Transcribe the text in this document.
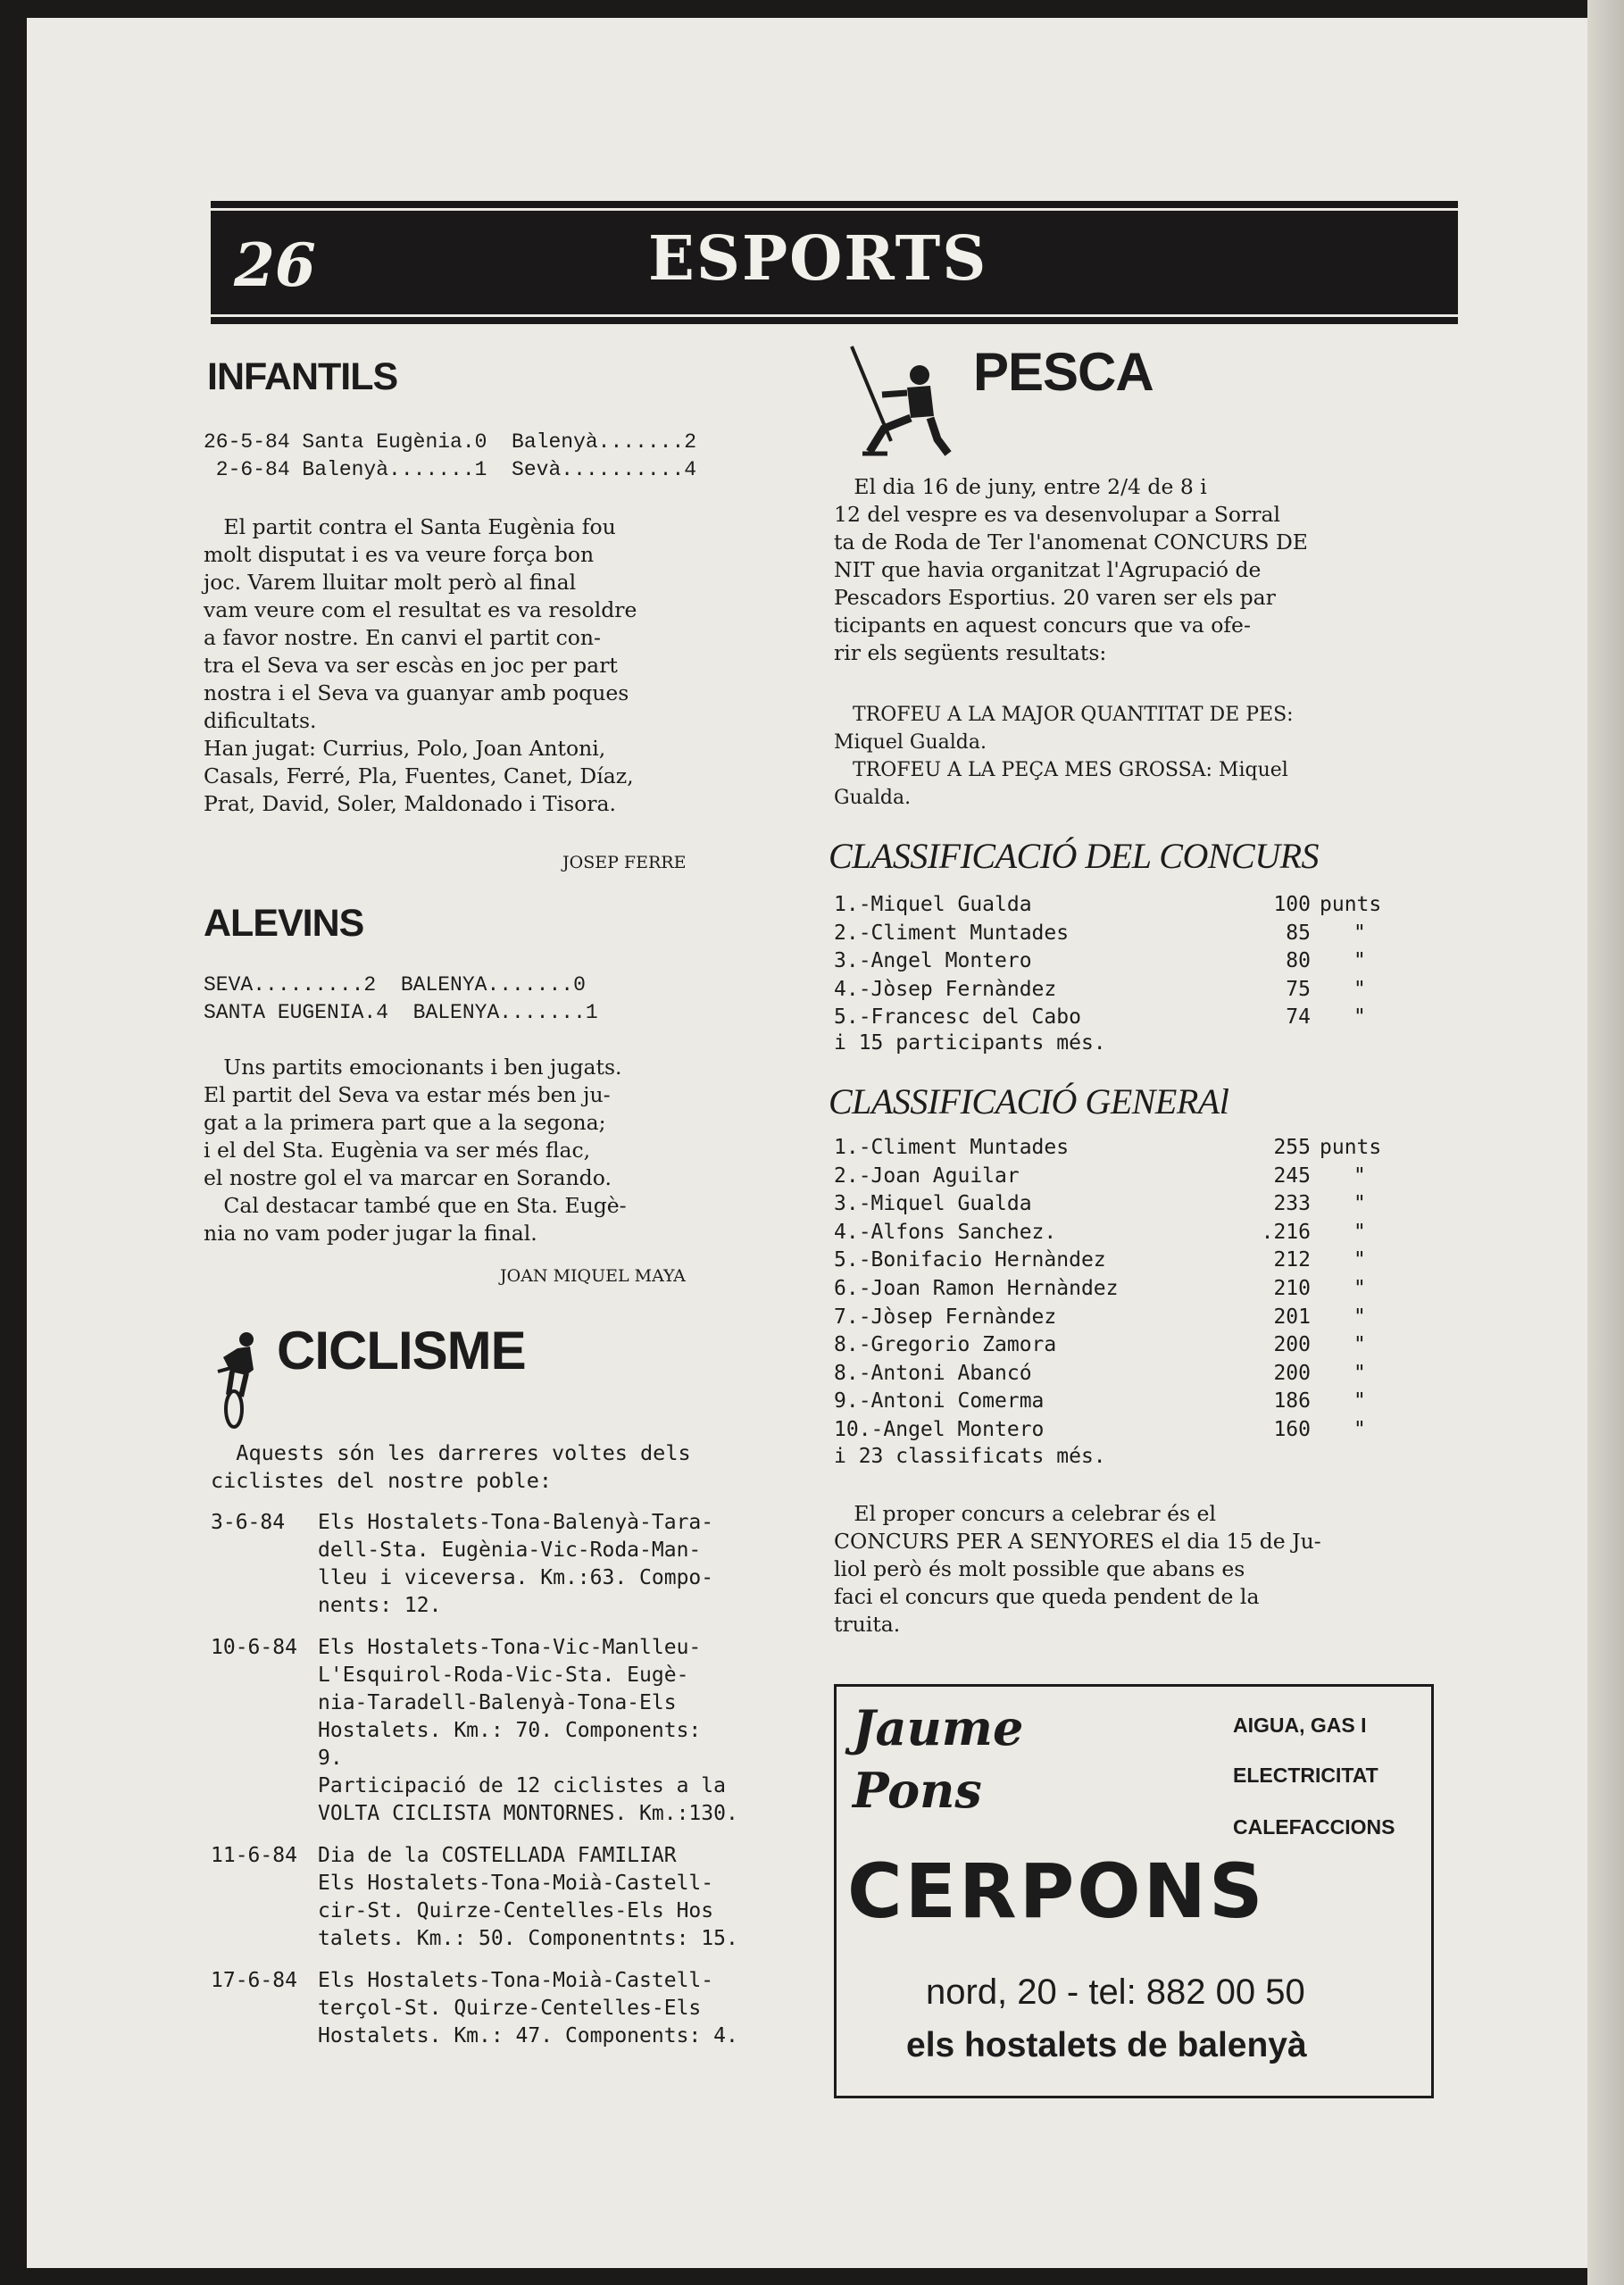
26	ESPORTS
INFANTILS
26-5-84 Santa Eugènia.0  Balenyà.......2
2-6-84 Balenyà.......1  Sevà..........4
El partit contra el Santa Eugènia fou
molt disputat i es va veure força bon
joc. Varem lluitar molt però al final
vam veure com el resultat es va resoldre
a favor nostre. En canvi el partit con-
tra el Seva va ser escàs en joc per part
nostra i el Seva va guanyar amb poques
dificultats.
Han jugat: Currius, Polo, Joan Antoni,
Casals, Ferré, Pla, Fuentes, Canet, Díaz,
Prat, David, Soler, Maldonado i Tisora.
JOSEP FERRE
ALEVINS
SEVA.........2  BALENYA.......0
SANTA EUGENIA.4  BALENYA.......1
Uns partits emocionants i ben jugats.
El partit del Seva va estar més ben ju-
gat a la primera part que a la segona;
i el del Sta. Eugènia va ser més flac,
el nostre gol el va marcar en Sorando.
Cal destacar també que en Sta. Eugè-
nia no vam poder jugar la final.
JOAN MIQUEL MAYA
CICLISME
Aquests són les darreres voltes dels
ciclistes del nostre poble:
3-6-84	Els Hostalets-Tona-Balenyà-Tara-
dell-Sta. Eugènia-Vic-Roda-Man-
lleu i viceversa. Km.:63. Compo-
nents: 12.
10-6-84	Els Hostalets-Tona-Vic-Manlleu-
L'Esquirol-Roda-Vic-Sta. Eugè-
nia-Taradell-Balenyà-Tona-Els
Hostalets. Km.: 70. Components:
9.
Participació de 12 ciclistes a la
VOLTA CICLISTA MONTORNES. Km.:130.
11-6-84	Dia de la COSTELLADA FAMILIAR
Els Hostalets-Tona-Moià-Castell-
cir-St. Quirze-Centelles-Els Hos
talets. Km.: 50. Componentnts: 15.
17-6-84	Els Hostalets-Tona-Moià-Castell-
terçol-St. Quirze-Centelles-Els
Hostalets. Km.: 47. Components: 4.
PESCA
El dia 16 de juny, entre 2/4 de 8 i
12 del vespre es va desenvolupar a Sorral
ta de Roda de Ter l'anomenat CONCURS DE
NIT que havia organitzat l'Agrupació de
Pescadors Esportius. 20 varen ser els par
ticipants en aquest concurs que va ofe-
rir els següents resultats:
TROFEU A LA MAJOR QUANTITAT DE PES:
Miquel Gualda.
TROFEU A LA PEÇA MES GROSSA: Miquel
Gualda.
CLASSIFICACIÓ DEL CONCURS
1.-Miquel Gualda	100 punts
2.-Climent Muntades	85 "
3.-Angel Montero	80 "
4.-Jòsep Fernàndez	75 "
5.-Francesc del Cabo	74 "
i 15 participants més.
CLASSIFICACIÓ GENERAl
1.-Climent Muntades	255 punts
2.-Joan Aguilar	245 "
3.-Miquel Gualda	233 "
4.-Alfons Sanchez.	.216 "
5.-Bonifacio Hernàndez	212 "
6.-Joan Ramon Hernàndez	210 "
7.-Jòsep Fernàndez	201 "
8.-Gregorio Zamora	200 "
8.-Antoni Abancó	200 "
9.-Antoni Comerma	186 "
10.-Angel Montero	160 "
i 23 classificats més.
El proper concurs a celebrar és el
CONCURS PER A SENYORES el dia 15 de Ju-
liol però és molt possible que abans es
faci el concurs que queda pendent de la
truita.
Jaume
Pons
AIGUA, GAS I
ELECTRICITAT
CALEFACCIONS
CERPONS
nord, 20 - tel: 882 00 50
els hostalets de balenyà
